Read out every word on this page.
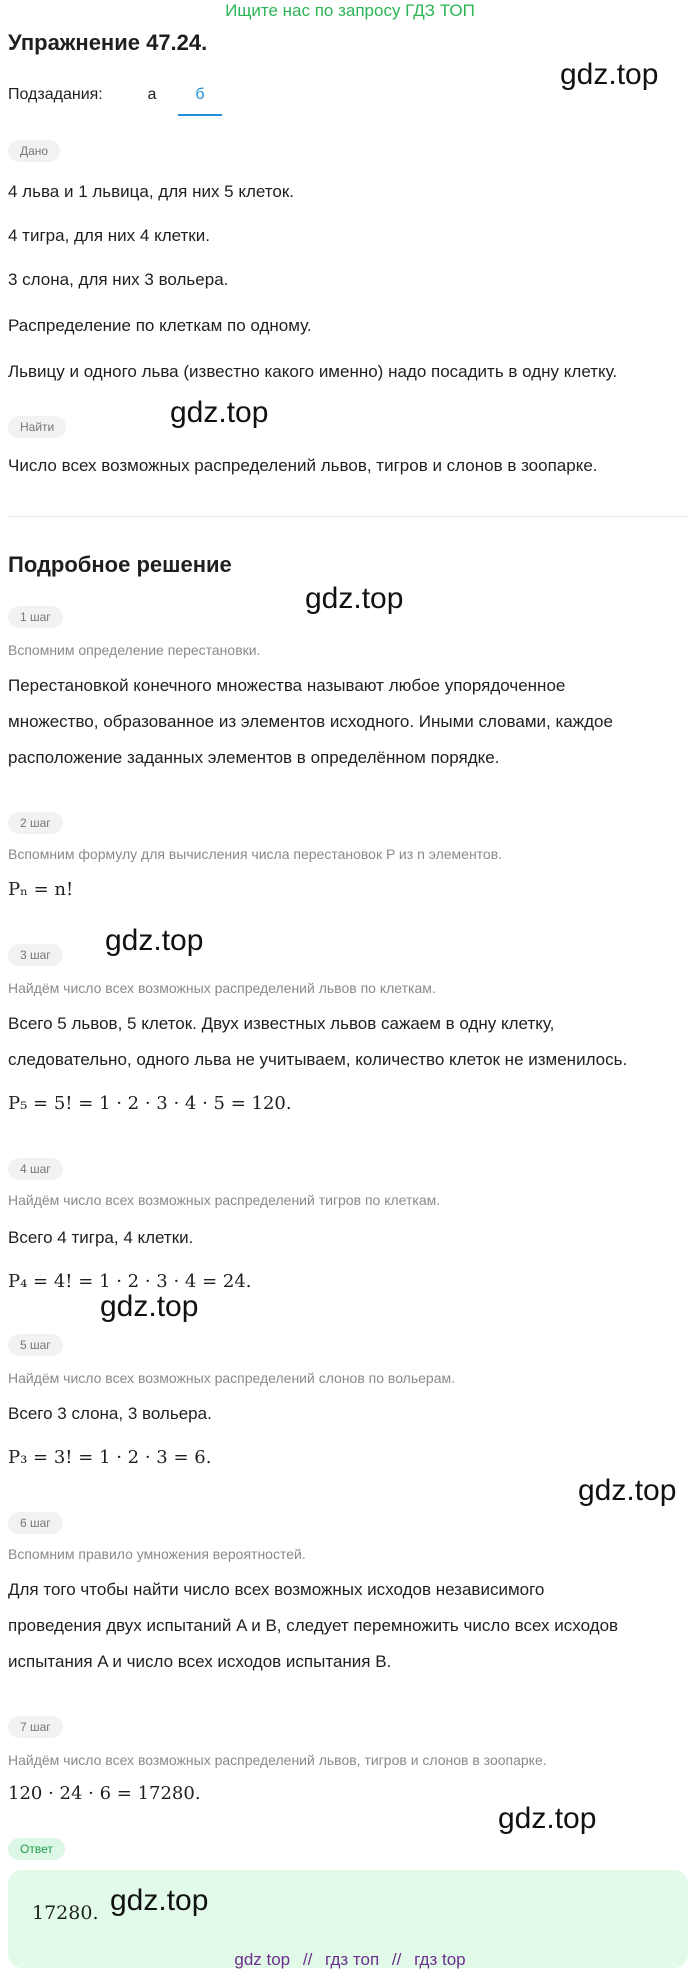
Ищите нас по запросу ГДЗ ТОП
Упражнение 47.24.
Подзадания:	а	б
gdz.top
gdz.top
gdz.top
gdz.top
gdz.top
gdz.top
gdz.top
Дано
4 льва и 1 львица, для них 5 клеток.
4 тигра, для них 4 клетки.
3 слона, для них 3 вольера.
Распределение по клеткам по одному.
Львицу и одного льва (известно какого именно) надо посадить в одну клетку.
Найти
Число всех возможных распределений львов, тигров и слонов в зоопарке.
Подробное решение
1 шаг
Вспомним определение перестановки.
Перестановкой конечного множества называют любое упорядоченное
множество, образованное из элементов исходного. Иными словами, каждое
расположение заданных элементов в определённом порядке.
2 шаг
Вспомним формулу для вычисления числа перестановок P из n элементов.
Pₙ = n!
3 шаг
Найдём число всех возможных распределений львов по клеткам.
Всего 5 львов, 5 клеток. Двух известных львов сажаем в одну клетку,
следовательно, одного льва не учитываем, количество клеток не изменилось.
P₅ = 5! = 1 · 2 · 3 · 4 · 5 = 120.
4 шаг
Найдём число всех возможных распределений тигров по клеткам.
Всего 4 тигра, 4 клетки.
P₄ = 4! = 1 · 2 · 3 · 4 = 24.
5 шаг
Найдём число всех возможных распределений слонов по вольерам.
Всего 3 слона, 3 вольера.
P₃ = 3! = 1 · 2 · 3 = 6.
6 шаг
Вспомним правило умножения вероятностей.
Для того чтобы найти число всех возможных исходов независимого
проведения двух испытаний A и B, следует перемножить число всех исходов
испытания A и число всех исходов испытания B.
7 шаг
Найдём число всех возможных распределений львов, тигров и слонов в зоопарке.
120 · 24 · 6 = 17280.
Ответ
17280. gdz.top
gdz top // гдз топ // гдз top
